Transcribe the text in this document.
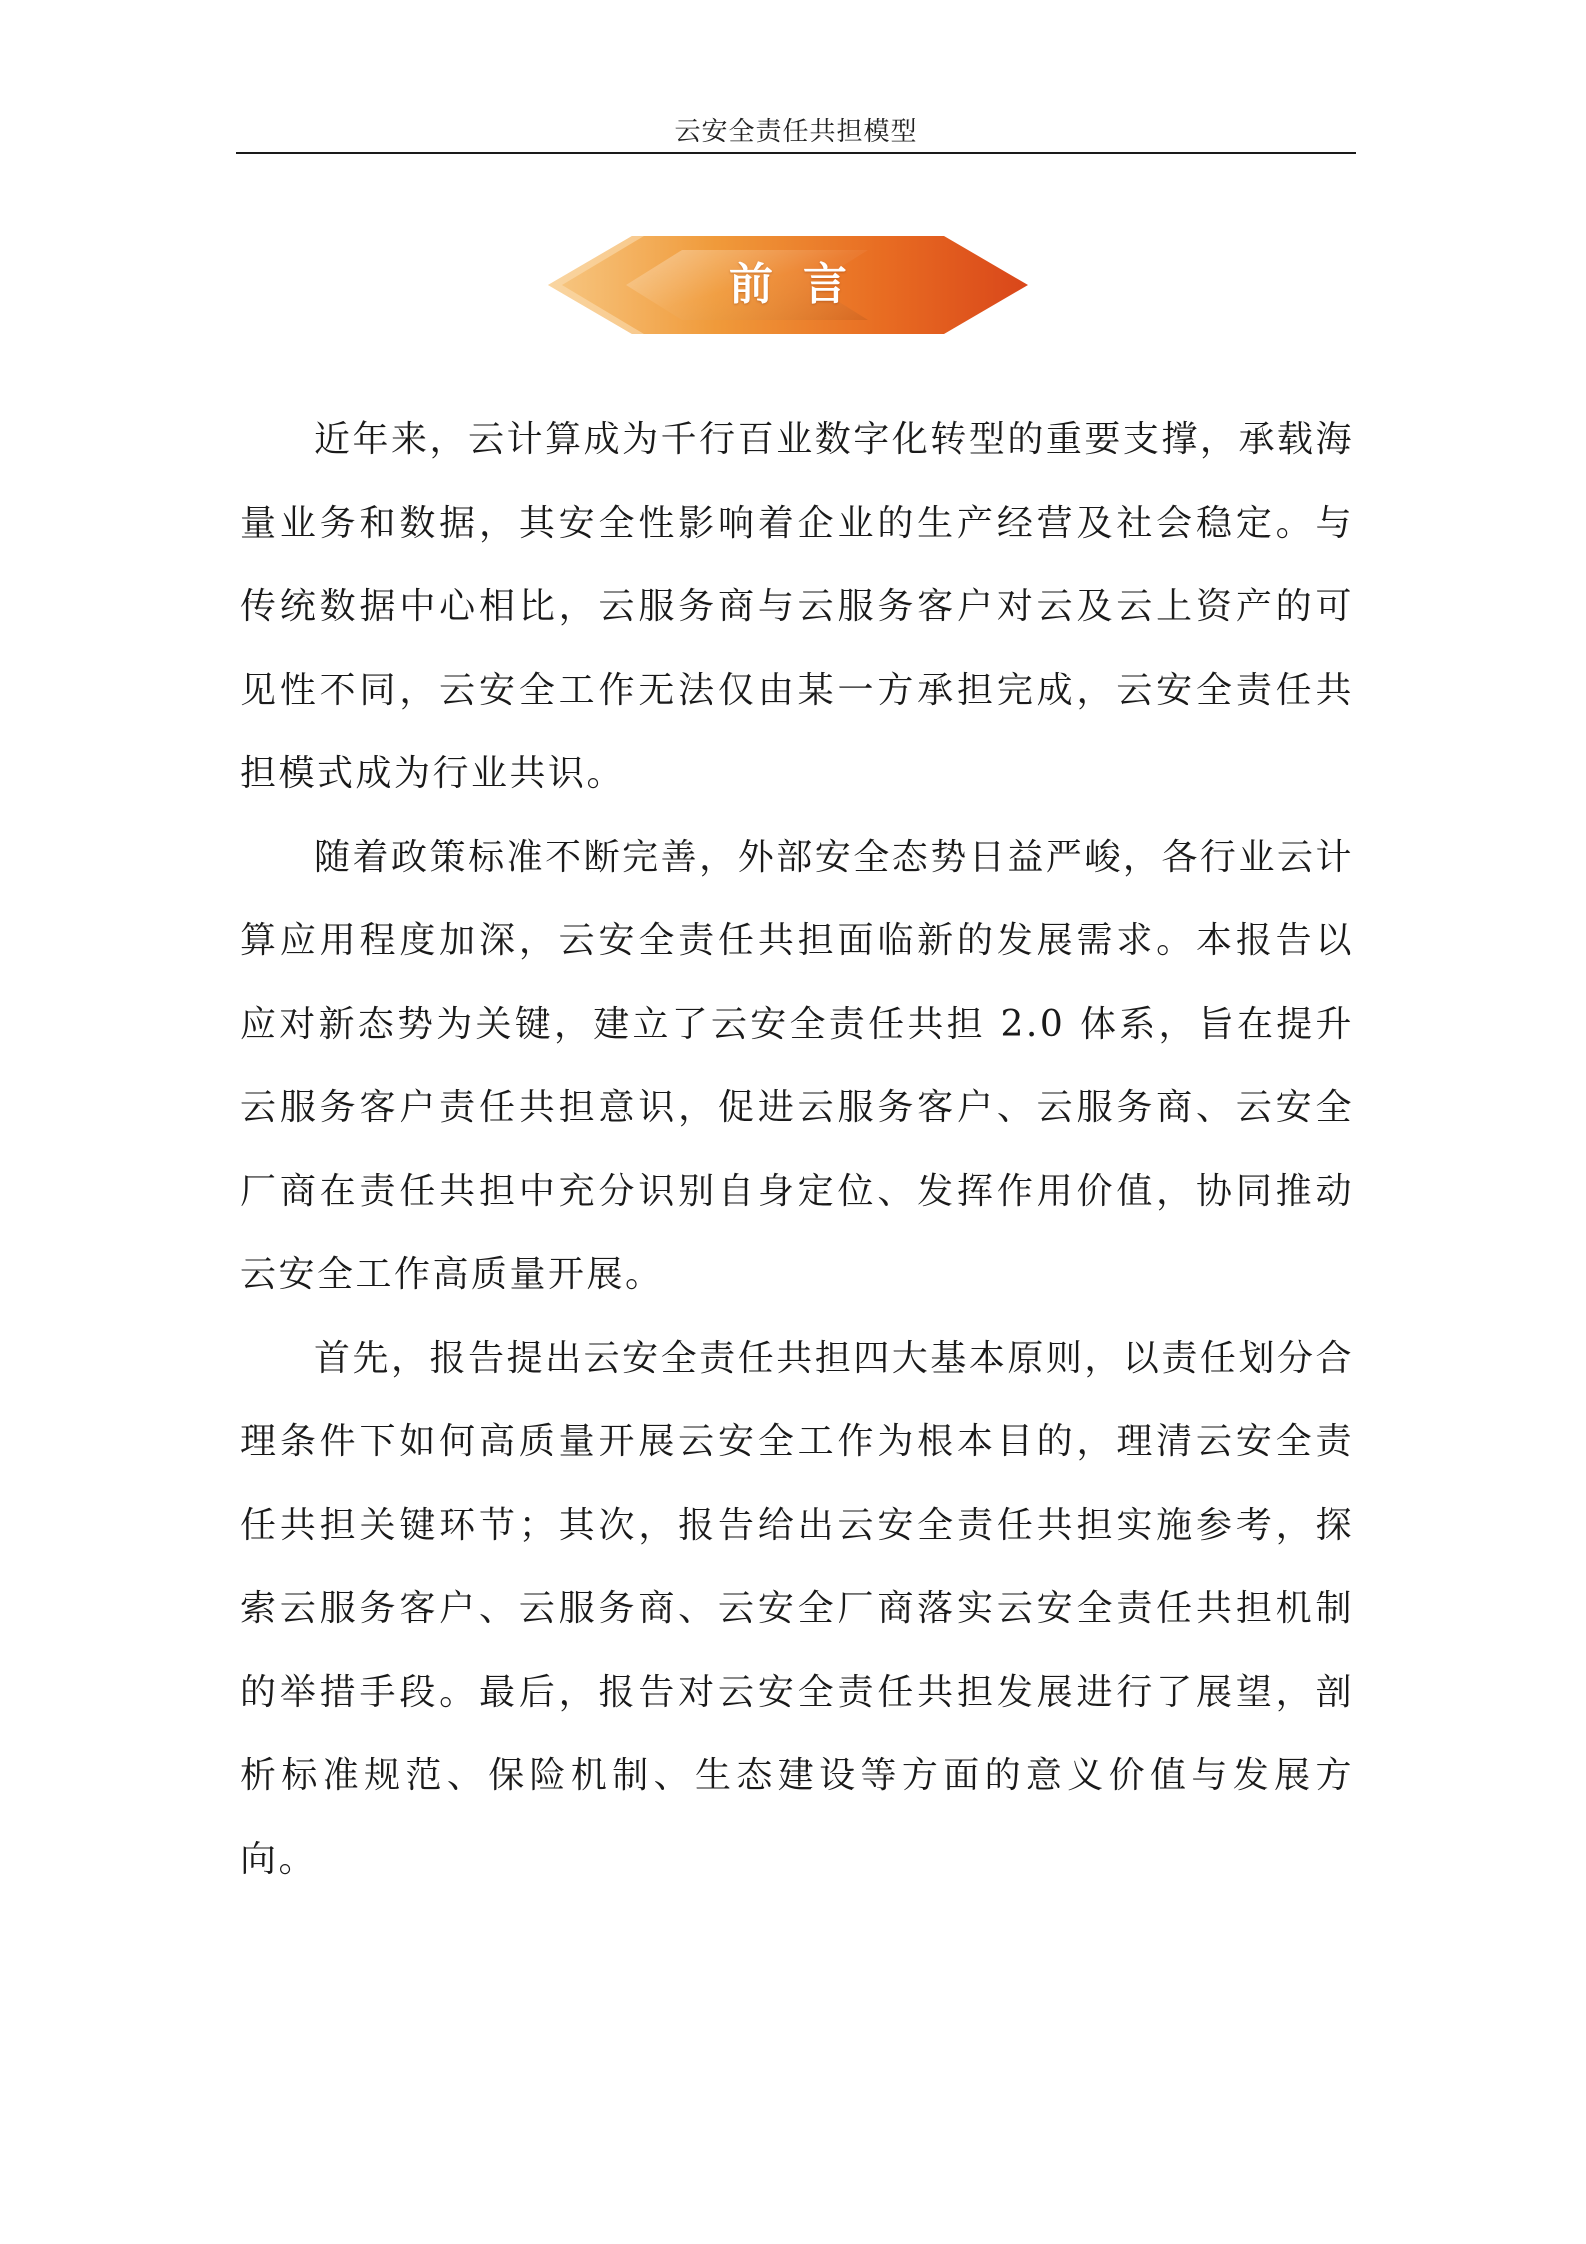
云安全责任共担模型
前言

近年来，云计算成为千行百业数字化转型的重要支撑，承载海量业务和数据，其安全性影响着企业的生产经营及社会稳定。与传统数据中心相比，云服务商与云服务客户对云及云上资产的可见性不同，云安全工作无法仅由某一方承担完成，云安全责任共担模式成为行业共识。

随着政策标准不断完善，外部安全态势日益严峻，各行业云计算应用程度加深，云安全责任共担面临新的发展需求。本报告以应对新态势为关键，建立了云安全责任共担 2.0 体系，旨在提升云服务客户责任共担意识，促进云服务客户、云服务商、云安全厂商在责任共担中充分识别自身定位、发挥作用价值，协同推动云安全工作高质量开展。

首先，报告提出云安全责任共担四大基本原则，以责任划分合理条件下如何高质量开展云安全工作为根本目的，理清云安全责任共担关键环节；其次，报告给出云安全责任共担实施参考，探索云服务客户、云服务商、云安全厂商落实云安全责任共担机制的举措手段。最后，报告对云安全责任共担发展进行了展望，剖析标准规范、保险机制、生态建设等方面的意义价值与发展方向。
